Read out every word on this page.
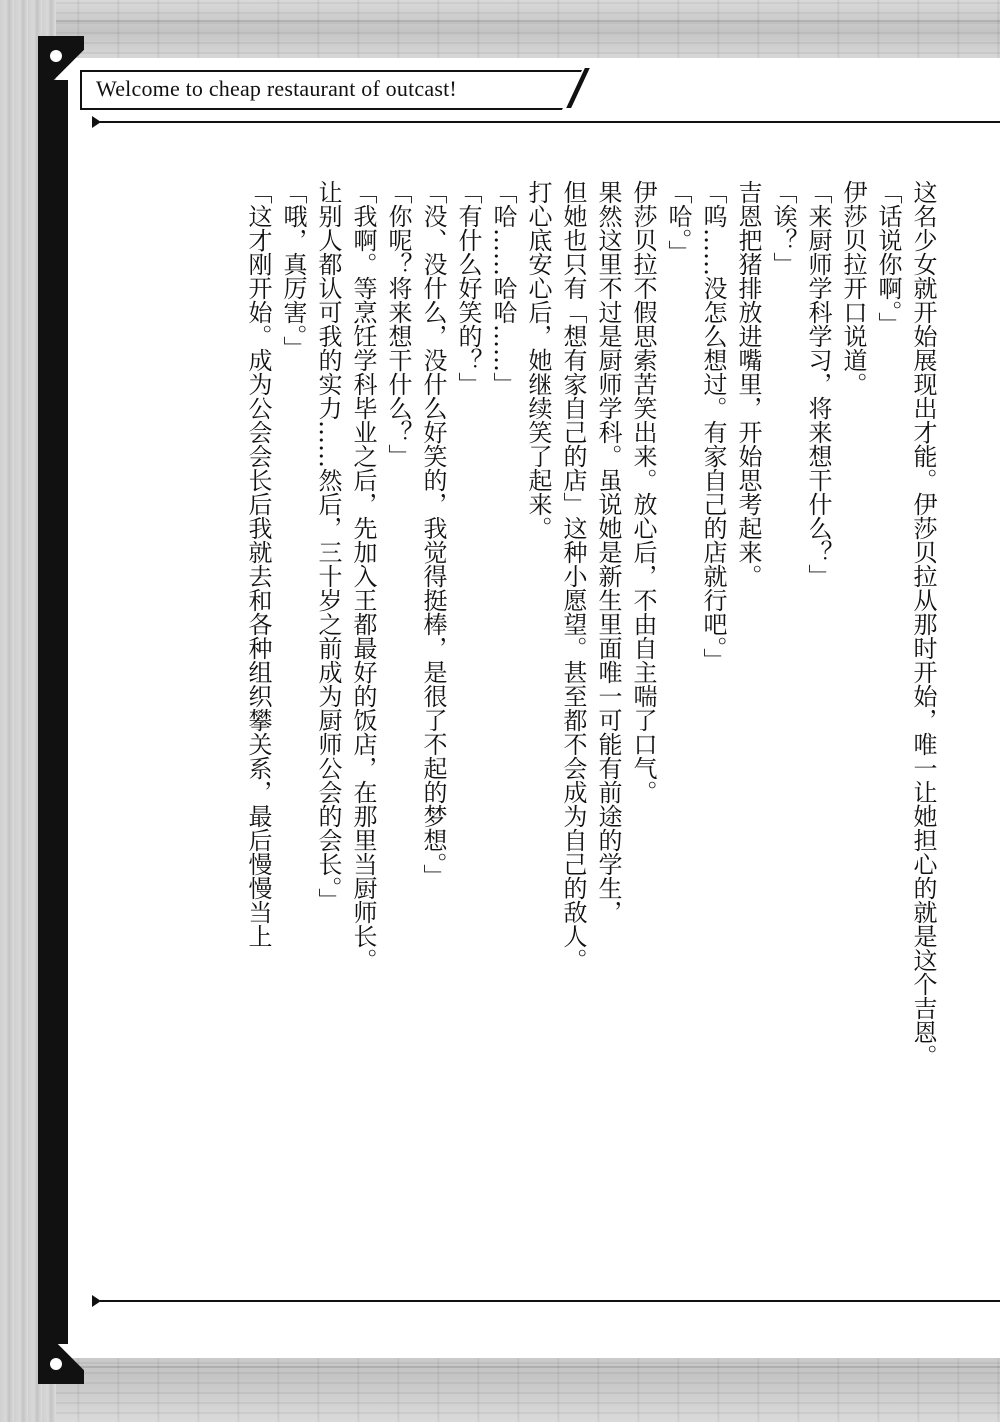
Welcome to cheap restaurant of outcast!

这名少女就开始展现出才能。伊莎贝拉从那时开始，唯一让她担心的就是这个吉恩。

「话说你啊。」

伊莎贝拉开口说道。

「来厨师学科学习，将来想干什么？」

「诶？」

吉恩把猪排放进嘴里，开始思考起来。

「呜……没怎么想过。有家自己的店就行吧。」

「哈。」

伊莎贝拉不假思索苦笑出来。放心后，不由自主喘了口气。

果然这里不过是厨师学科。虽说她是新生里面唯一可能有前途的学生，

但她也只有「想有家自己的店」这种小愿望。甚至都不会成为自己的敌人。

打心底安心后，她继续笑了起来。

「哈……哈哈……」

「有什么好笑的？」

「没、没什么，没什么好笑的，我觉得挺棒，是很了不起的梦想。」

「你呢？将来想干什么？」

「我啊。等烹饪学科毕业之后，先加入王都最好的饭店，在那里当厨师长。

让别人都认可我的实力……然后，三十岁之前成为厨师公会的会长。」

「哦，真厉害。」

「这才刚开始。成为公会会长后我就去和各种组织攀关系，最后慢慢当上
